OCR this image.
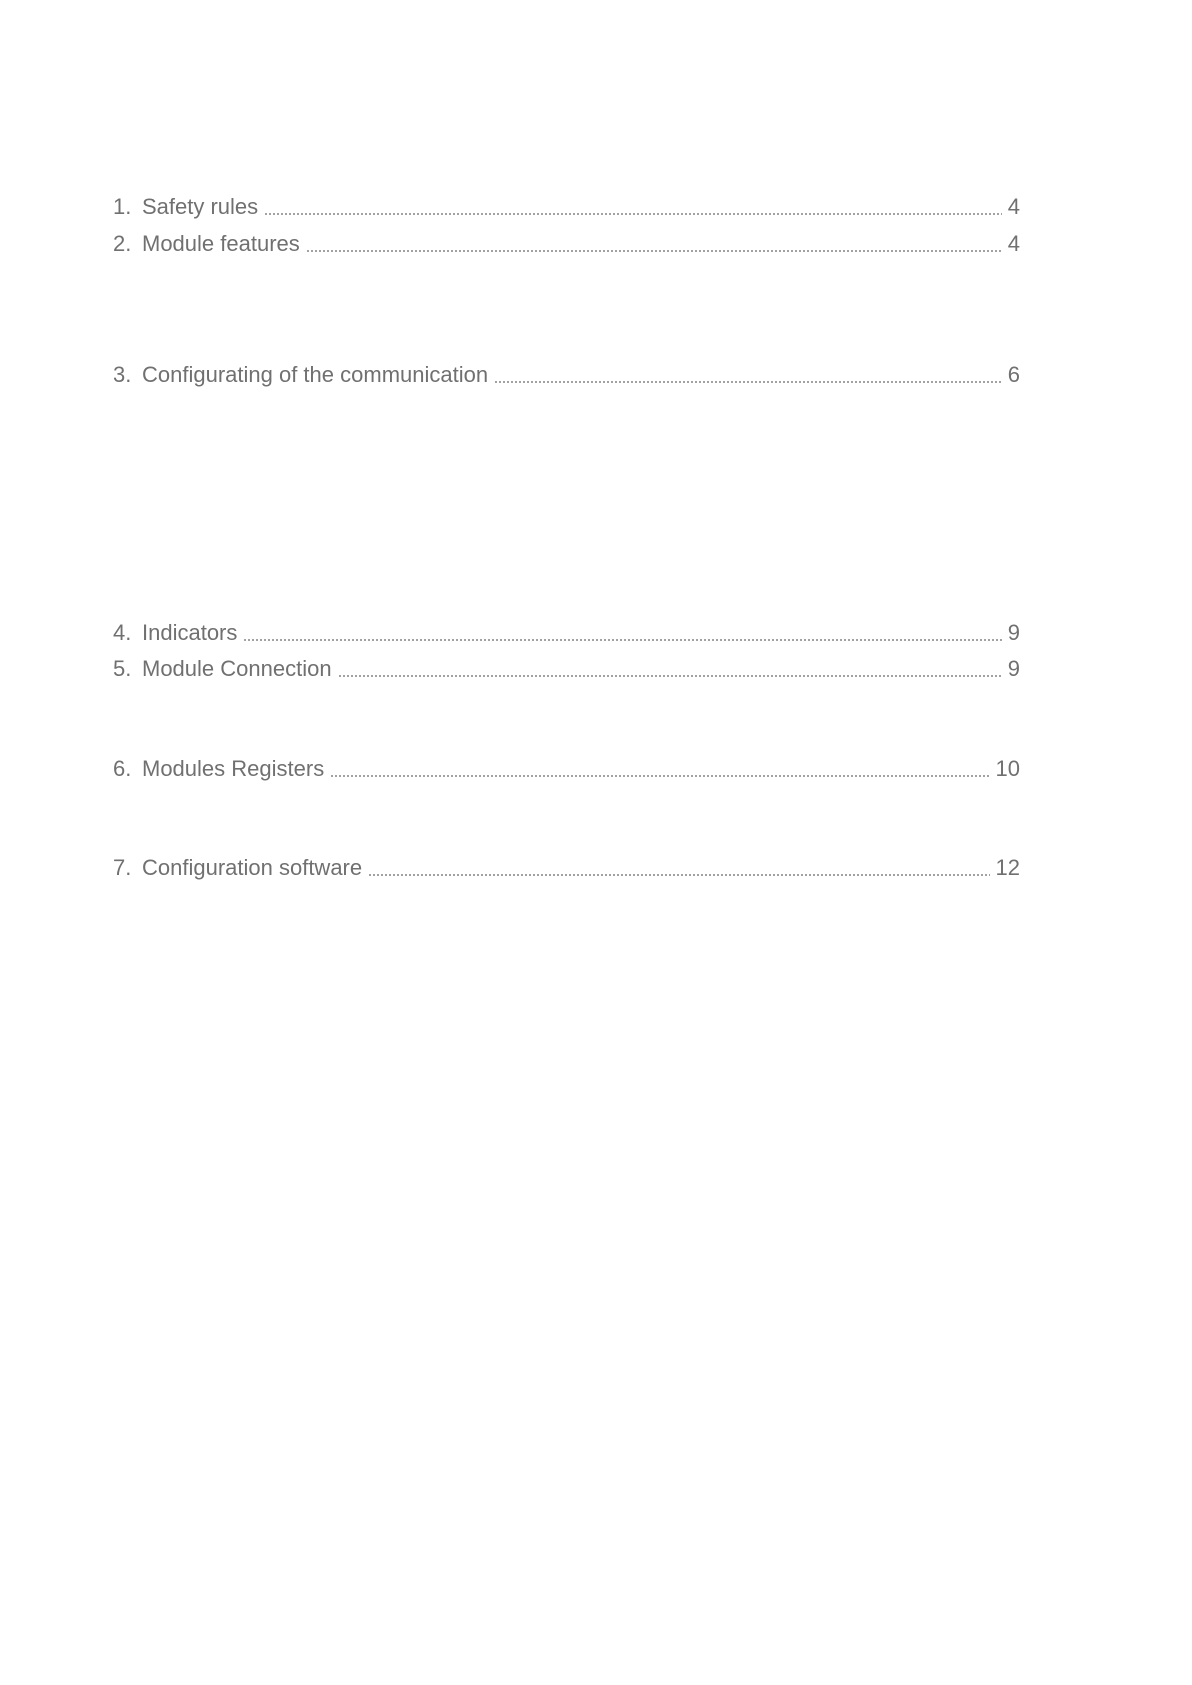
1. Safety rules	4
2. Module features	4
3. Configurating of the communication	6
4. Indicators	9
5. Module Connection	9
6. Modules Registers	10
7. Configuration software	12
